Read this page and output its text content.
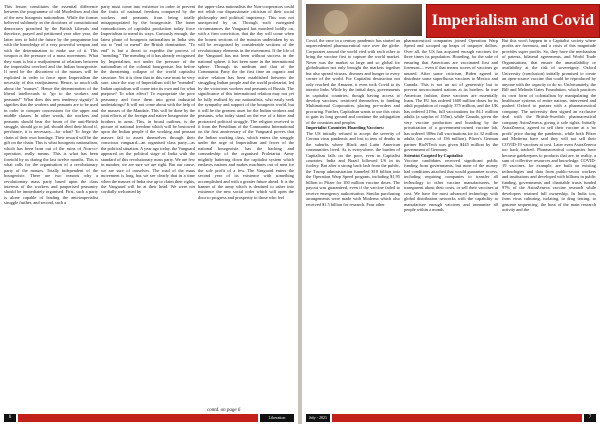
This lesson constitutes the essential difference between the programme of old Mooledism and that of the new bourgeois nationalism. While the former believed sublimely in the doctrines of constitutional democracy preached by the British Liberals and therefore, prayed and petitioned year after year, the latter tries to hold the future by the programme but with the knowledge of a very powerful weapon and with the determination to make use of it. This weapon is the pressure of a mass movement. What they want is but a readjustment of relations between the imperialist overlord and the Indian bourgeoisie. If need be the discontent of the masses will be exploited in order to force upon Imperialism the necessity of this readjustment. Hence, so much talk about the "masses". Hence the determination of the liberal intellectuals to "go to the workers and peasants!" What does this new tendency signify? It signifies that the workers and peasants are to be used in order to conquer concessions for the upper and middle classes. In other words, the workers and peasants should bear the brunt of the anti-British struggle, should go to jail, should shed their blood if, perchance, it is necessary—for what? To forge the chain of their own bondage. Their reward will be the gift on the chain. This is what bourgeois nationalism, which has been born out of the ruins of Non-co-operation, really means. This is what has been foretold by us during the last twelve months. This is what calls for the organisation of a revolutionary party of the masses. Totally independent of the bourgeoisie. There are two reasons why a revolutionary mass party based upon the class interests of the workers and pauperised peasantry should be immediately organised. First, such a party is alone capable of leading the anti-imperialist struggle further, and second, such a

party must come into existence in order to prevent the fruits of national freedom conquered by the workers and peasants from being totally misappropriated by the bourgeoisie. The inner contradictions of capitalist production today force Imperialism to mend its ways. Curiously enough, the latest phase of bourgeois nationalism in India sets out to "end or mend" the British domination. "To end" is but a threat to expedite the process of "mending." The mending of it has already recognised by Imperialism, not under the pressure of the nationalism of the colonial bourgeoisie, but before the threatening collapse of the world capitalist structure. Yet it is clear that in this case must be very sure, since the way of Imperialism will be "mended" Indian capitalism will come into its own and for what purpose? To what effect? To expropriate the poor peasantry and force them into great industrial undertakings? It will not come about with the help of the masses of the Mandate. This will be done by the joint efforts of the foreign and native bourgeoisie the brothers in arms. This, in broad outlines, is the picture of national freedom which will be bestowed upon the Indian people if the working and peasant masses fail to assert themselves through their conscious vanguard—an organised class party—as the political situation. A year ago today, the Vanguard appeared on the political stage of India with the standard of this revolutionary mass party. We are few in number, we are sure we are right. But our cause, we are sure of ourselves. The road of the mass movement is long, but we see clearly that in a time when the masses of India rise up to claim their rights, the Vanguard will be at their head. We were not cordially welcomed by

the upper-class nationalists the Non-cooperators could not relish our dispassionate criticism of their social philosophy and political impotency. This was not unexpected by us. Through such variegated circumstances the Vanguard has marched boldly on, with a firm conviction, that the day will come when the honest sections of the mission undertaken by us will be recognised by considerable sections of the revolutionary elements in the movement. If the life of the Vanguard has not been without success in the national sphere, it has been none in the international sphere. Through its medium and that of the Communist Party the the first time an organic and active relation has been established between the struggling Indian people and the world proletariat, led by the victorious workers and peasants of Russia. The significance of this international relation may not yet be fully realised by our nationalists, who easily seek the sympathy and support of the bourgeois world, but it will be the greatest asset for the Indian workers and peasants, who today stand on the eve of a bitter and protracted political struggle. The religion received to it from the Presidium of the Communist International on the first anniversary of the Vanguard proves that the Indian working class, which enters the struggle under the urge of Imperialism and fewer of the national bourgeoisie, has the backing and comradeship of the organised Proletariat Army mightily battering down the capitalist system which enslaves nations and makes machines out of men for the sole profit of a few. The Vanguard enters the second year of its existence with something accomplished and with a greater future ahead. It is the banner of the army which is destined to usher into existence the new social order which will open the door to progress and prosperity to those who feel

contd. on page 6
6	Liberation
Imperialism and Covid

Covid, the once in a century pandemic has started an unprecedented pharmaceutical race over the globe. Corporates around the world vied with each other to bring the vaccine first to capture the world market. Never was the market so large and so global for globalisation not only brought the markets together but also spread viruses, diseases and hunger to every corner of the world. For Capitalist destruction not only reached the Amazon, it even took Covid to its interior links. While by the initial days, governments in capitalist countries, though having access to develop vaccines, restricted themselves to funding Multinational Corporation, placing pre-orders and procuring. Further, Capitalism wants to use this crisis to gain its long ground and continue the subjugation of the countries and peoples.

Imperialist Countries Hoarding Vaccines:

The US initially refused to accept the severity of Corona virus pandemic and lost to tens of deaths in the suburbs where Black and Latin American communities lived. As is everywhere, the burden of Capitalism falls on the poor, even in Capitalist countries. India and Brazil followed US in its foolery. But after a strong back lash from the public, the Trump administration funneled $18 billion into the Operation Warp Speed program, including $1.95 billion to Pfizer for 100 million vaccine doses. The payout was guaranteed, even if the vaccine failed to receive emergency authorisation. Similar purchasing arrangements were made with Moderna which also received $1.5 billion for research. Four other

pharmaceutical companies joined Operation Warp Speed and scooped up heaps of taxpayer dollars. Over all, the US has acquired enough vaccines for three times its population. Hoarding, for the sake of ensuring that Americans are vaccinated first and foremost— even if that means scores of vaccines go unused. After some criticism, Biden agreed to distribute some superfluous vaccines to Mexico and Canada. This is not an act of generosity but to prevent unvaccinated nations at its borders. In true American fashion, these vaccines are essentially loans. The EU has ordered 1600 million doses for its adult population of roughly 375 million, and the UK has ordered 219m, full vaccinations for 84.1 million adults (a surplus of 155m), while Canada, given the very vaccine production and hoarding by the privatization of a government-owned vaccine lab, has ordered 188m full vaccinations for its 32 million adults (an excess of 156 million). Pfizer's German partner BioNTech was given $445 million by the government of Germany.

Scientist Coopted by Capitalist:

Vaccine candidates received significant public funding from governments, but none of the money had conditions attached that would guarantee access, including requiring companies to transfer all technology to other vaccine manufacturers, be transparent about their costs, or sell their vaccines at cost. We have the most advanced technology with global distribution networks with the capability to manufacture enough vaccines and immunize all people within a month.

But this won't happen in a Capitalist society where profits are foremost, and a crisis of this magnitude provides super profits. So, they have the mechanism of patents, bilateral agreements, and World Trade Organisations, that ensure the unavailability or availability at the risk of sovereignty. Oxford University (conclusion) initially promised to create an open-source vaccine that could be reproduced by anyone with the capacity to do so. Unfortunately, the Bill and Melinda Gates Foundation, which practices its own form of colonialism by manipulating the healthcare systems of entire nations, intervened and pushed Oxford to partner with a pharmaceutical company. The university then signed an exclusive deal with the British-Swedish pharmaceutical company AstraZeneca, giving it sole rights. Initially AstraZeneca, agreed to sell their vaccine at a 'no profit' price during the pandemic, while both Pfizer and Moderna have said they will not sell their COVID-19 vaccines at cost. Later even AstraZeneca too back tracked. Pharmaceutical companies have become gatekeepers to products that are, in reality, a sum of collective resources and knowledge. COVID-19 vaccines, for example, are built on existing technologies and data from public-sector workers and institutions and developed with billions in public funding, governments and charitable trusts funded 97% of the AstraZeneca vaccine research while developers retained full ownership. In India too, from virus culturing, isolating, to drug testing, to genome sequencing, the bout of the main research activity and the

July - 2021	7
